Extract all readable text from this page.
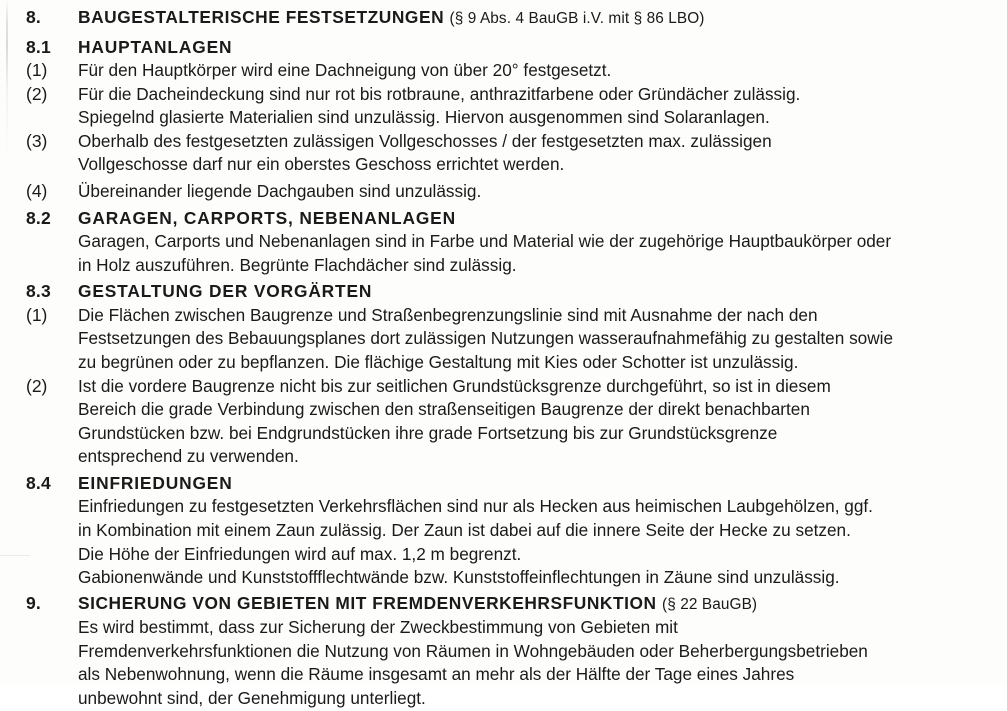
8.	BAUGESTALTERISCHE FESTSETZUNGEN (§ 9 Abs. 4 BauGB i.V. mit § 86 LBO)
8.1	HAUPTANLAGEN
(1)	Für den Hauptkörper wird eine Dachneigung von über 20° festgesetzt.
(2)	Für die Dacheindeckung sind nur rot bis rotbraune, anthrazitfarbene oder Gründächer zulässig.
Spiegelnd glasierte Materialien sind unzulässig. Hiervon ausgenommen sind Solaranlagen.
(3)	Oberhalb des festgesetzten zulässigen Vollgeschosses / der festgesetzten max. zulässigen
Vollgeschosse darf nur ein oberstes Geschoss errichtet werden.
(4)	Übereinander liegende Dachgauben sind unzulässig.
8.2	GARAGEN, CARPORTS, NEBENANLAGEN
Garagen, Carports und Nebenanlagen sind in Farbe und Material wie der zugehörige Hauptbaukörper oder
in Holz auszuführen. Begrünte Flachdächer sind zulässig.
8.3	GESTALTUNG DER VORGÄRTEN
(1)	Die Flächen zwischen Baugrenze und Straßenbegrenzungslinie sind mit Ausnahme der nach den
Festsetzungen des Bebauungsplanes dort zulässigen Nutzungen wasseraufnahmefähig zu gestalten sowie
zu begrünen oder zu bepflanzen. Die flächige Gestaltung mit Kies oder Schotter ist unzulässig.
(2)	Ist die vordere Baugrenze nicht bis zur seitlichen Grundstücksgrenze durchgeführt, so ist in diesem
Bereich die grade Verbindung zwischen den straßenseitigen Baugrenze der direkt benachbarten
Grundstücken bzw. bei Endgrundstücken ihre grade Fortsetzung bis zur Grundstücksgrenze
entsprechend zu verwenden.
8.4	EINFRIEDUNGEN
Einfriedungen zu festgesetzten Verkehrsflächen sind nur als Hecken aus heimischen Laubgehölzen, ggf.
in Kombination mit einem Zaun zulässig. Der Zaun ist dabei auf die innere Seite der Hecke zu setzen.
Die Höhe der Einfriedungen wird auf max. 1,2 m begrenzt.
Gabionenwände und Kunststoffflechtwände bzw. Kunststoffeinflechtungen in Zäune sind unzulässig.
9.	SICHERUNG VON GEBIETEN MIT FREMDENVERKEHRSFUNKTION (§ 22 BauGB)
Es wird bestimmt, dass zur Sicherung der Zweckbestimmung von Gebieten mit
Fremdenverkehrsfunktionen die Nutzung von Räumen in Wohngebäuden oder Beherbergungsbetrieben
als Nebenwohnung, wenn die Räume insgesamt an mehr als der Hälfte der Tage eines Jahres
unbewohnt sind, der Genehmigung unterliegt.
